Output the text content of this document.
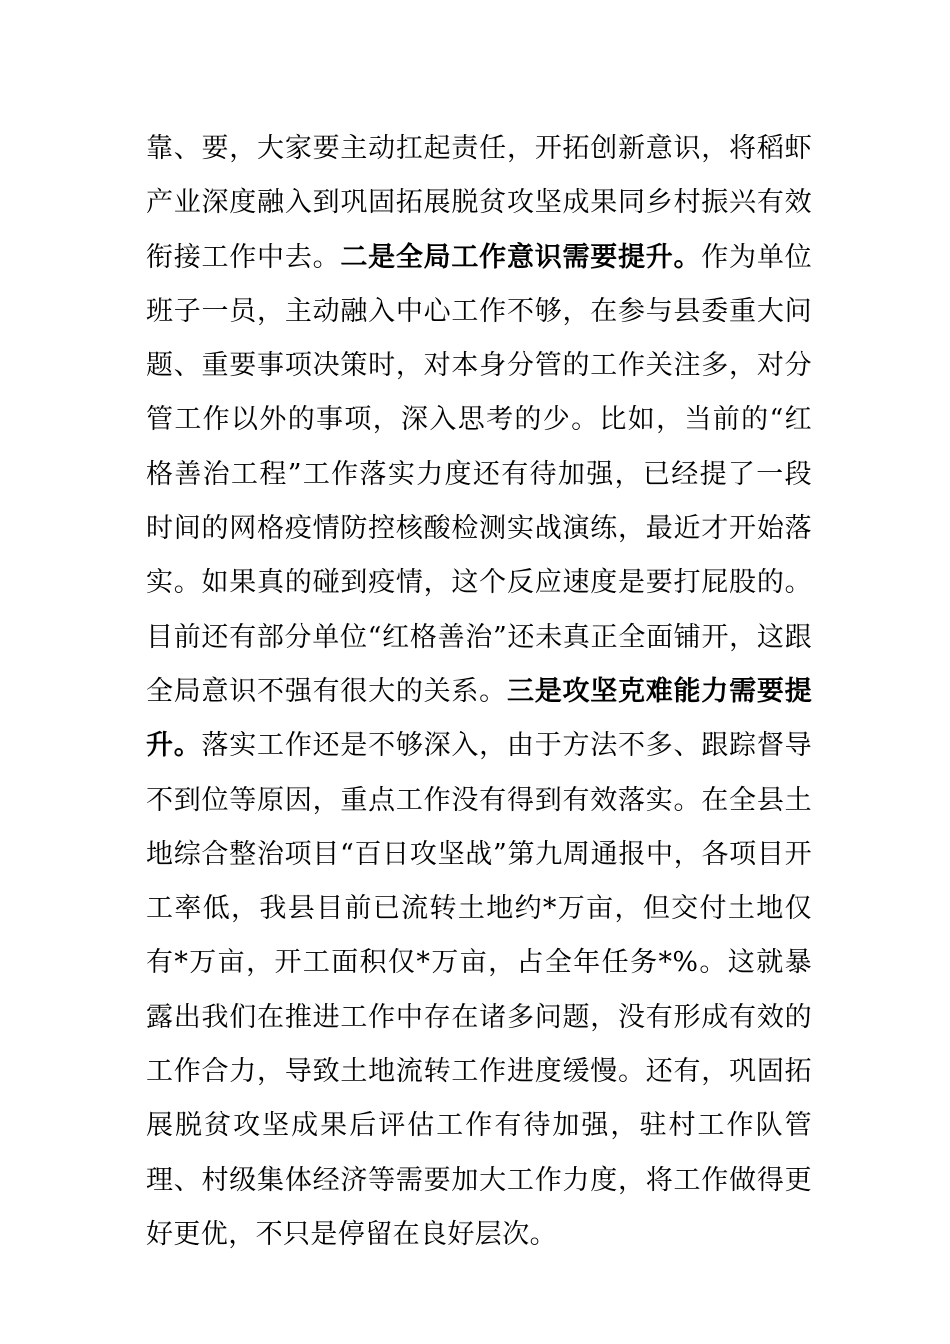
靠、要，大家要主动扛起责任，开拓创新意识，将稻虾产业深度融入到巩固拓展脱贫攻坚成果同乡村振兴有效衔接工作中去。二是全局工作意识需要提升。作为单位班子一员，主动融入中心工作不够，在参与县委重大问题、重要事项决策时，对本身分管的工作关注多，对分管工作以外的事项，深入思考的少。比如，当前的“红格善治工程”工作落实力度还有待加强，已经提了一段时间的网格疫情防控核酸检测实战演练，最近才开始落实。如果真的碰到疫情，这个反应速度是要打屁股的。目前还有部分单位“红格善治”还未真正全面铺开，这跟全局意识不强有很大的关系。三是攻坚克难能力需要提升。落实工作还是不够深入，由于方法不多、跟踪督导不到位等原因，重点工作没有得到有效落实。在全县土地综合整治项目“百日攻坚战”第九周通报中，各项目开工率低，我县目前已流转土地约*万亩，但交付土地仅有*万亩，开工面积仅*万亩，占全年任务*%。这就暴露出我们在推进工作中存在诸多问题，没有形成有效的工作合力，导致土地流转工作进度缓慢。还有，巩固拓展脱贫攻坚成果后评估工作有待加强，驻村工作队管理、村级集体经济等需要加大工作力度，将工作做得更好更优，不只是停留在良好层次。
